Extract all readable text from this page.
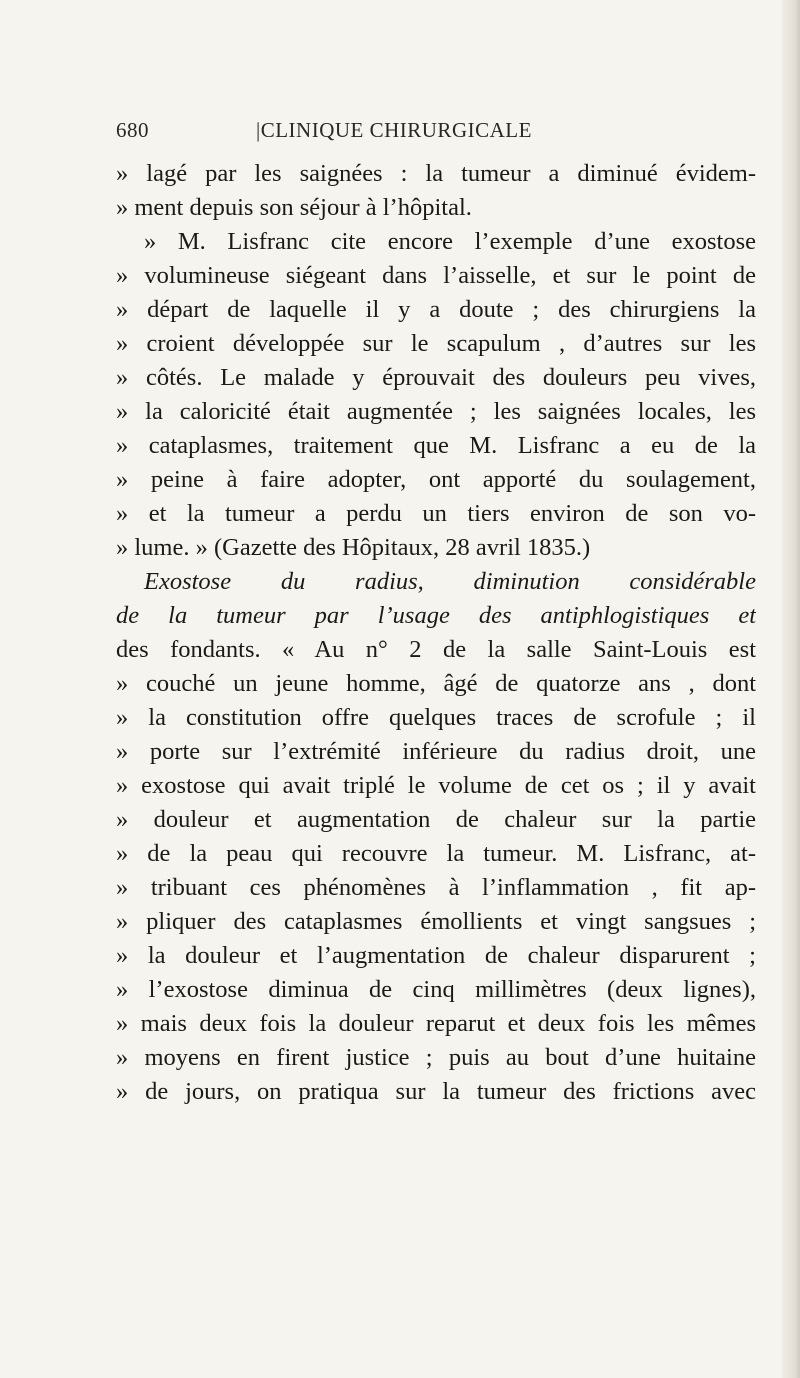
680	|CLINIQUE CHIRURGICALE
» lagé par les saignées : la tumeur a diminué évidem-
» ment depuis son séjour à l’hôpital.
» M. Lisfranc cite encore l’exemple d’une exostose
» volumineuse siégeant dans l’aisselle, et sur le point de
» départ de laquelle il y a doute ; des chirurgiens la
» croient développée sur le scapulum , d’autres sur les
» côtés. Le malade y éprouvait des douleurs peu vives,
» la caloricité était augmentée ; les saignées locales, les
» cataplasmes, traitement que M. Lisfranc a eu de la
» peine à faire adopter, ont apporté du soulagement,
» et la tumeur a perdu un tiers environ de son vo-
» lume. » (Gazette des Hôpitaux, 28 avril 1835.)
Exostose du radius, diminution considérable
de la tumeur par l’usage des antiphlogistiques et
des fondants. « Au n° 2 de la salle Saint-Louis est
» couché un jeune homme, âgé de quatorze ans , dont
» la constitution offre quelques traces de scrofule ; il
» porte sur l’extrémité inférieure du radius droit, une
» exostose qui avait triplé le volume de cet os ; il y avait
» douleur et augmentation de chaleur sur la partie
» de la peau qui recouvre la tumeur. M. Lisfranc, at-
» tribuant ces phénomènes à l’inflammation , fit ap-
» pliquer des cataplasmes émollients et vingt sangsues ;
» la douleur et l’augmentation de chaleur disparurent ;
» l’exostose diminua de cinq millimètres (deux lignes),
» mais deux fois la douleur reparut et deux fois les mêmes
» moyens en firent justice ; puis au bout d’une huitaine
» de jours, on pratiqua sur la tumeur des frictions avec
